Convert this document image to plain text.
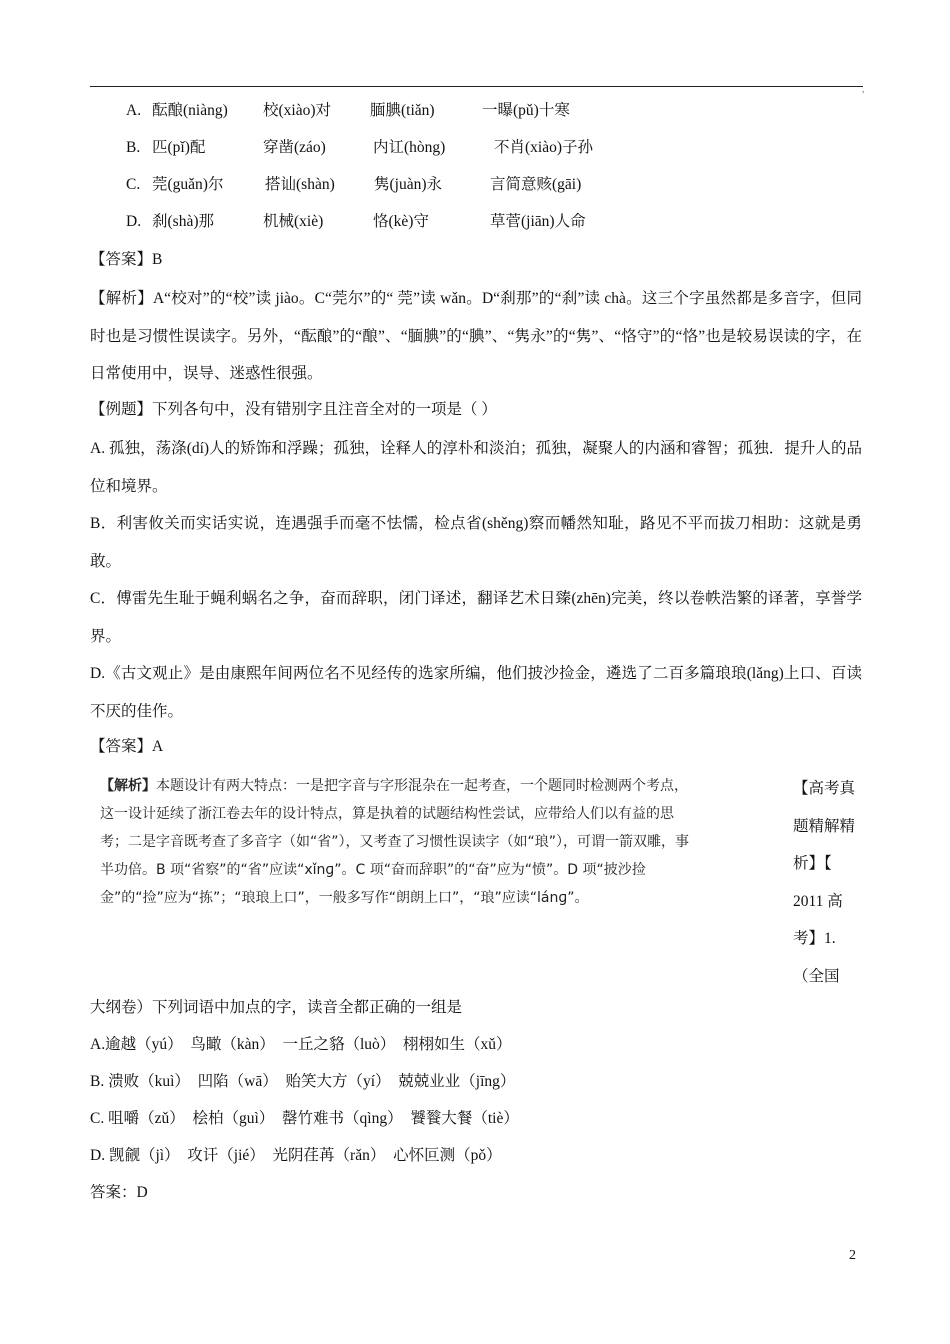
,
A. 酝酿(niàng) 校(xiào)对	腼腆(tiǎn)	一曝(pǔ)十寒
B. 匹(pǐ)配	穿凿(záo)	内讧(hòng)	不肖(xiào)子孙
C. 莞(guǎn)尔	搭讪(shàn)	隽(juàn)永	言简意赅(gāi)
D. 刹(shà)那	机械(xiè)	恪(kè)守	草菅(jiān)人命
【答案】B
【解析】A“校对”的“校”读 jiào。C“莞尔”的“ 莞”读 wǎn。D“刹那”的“刹”读 chà。这三个字虽然都是多音字，但同时也是习惯性误读字。另外，“酝酿”的“酿”、“腼腆”的“腆”、“隽永”的“隽”、“恪守”的“恪”也是较易误读的字，在日常使用中，误导、迷惑性很强。
【例题】下列各句中，没有错别字且注音全对的一项是（ ）
A. 孤独，荡涤(dí)人的矫饰和浮躁；孤独，诠释人的淳朴和淡泊；孤独，凝聚人的内涵和睿智；孤独．提升人的品位和境界。
B．利害攸关而实话实说，连遇强手而毫不怯懦，检点省(shěng)察而幡然知耻，路见不平而拔刀相助：这就是勇敢。
C．傅雷先生耻于蝇利蜗名之争，奋而辞职，闭门译述，翻译艺术日臻(zhēn)完美，终以卷帙浩繁的译著，享誉学界。
D.《古文观止》是由康熙年间两位名不见经传的选家所编，他们披沙捡金，遴选了二百多篇琅琅(lǎng)上口、百读不厌的佳作。
【答案】A
【解析】本题设计有两大特点：一是把字音与字形混杂在一起考查，一个题同时检测两个考点，这一设计延续了浙江卷去年的设计特点，算是执着的试题结构性尝试，应带给人们以有益的思考；二是字音既考查了多音字（如“省”），又考查了习惯性误读字（如“琅”），可谓一箭双雕，事半功倍。B 项“省察”的“省”应读“xǐnɡ”。C 项“奋而辞职”的“奋”应为“愤”。D 项“披沙捡金”的“捡”应为“拣”；“琅琅上口”，一般多写作“朗朗上口”，“琅”应读“lánɡ”。
【高考真题精解精析】【　2011 高考】1.（全国
大纲卷）下列词语中加点的字，读音全都正确的一组是
A.逾越（yú）　鸟瞰（kàn）　一丘之貉（luò）　栩栩如生（xǔ）
B. 溃败（kuì）　凹陷（wā）　贻笑大方（yí）　兢兢业业（jīng）
C. 咀嚼（zǔ）　桧柏（guì）　罄竹难书（qìng）　饕餮大餐（tiè）
D. 觊觎（jì）　攻讦（jié）　光阴荏苒（rǎn）　心怀叵测（pǒ）
答案：D
2
